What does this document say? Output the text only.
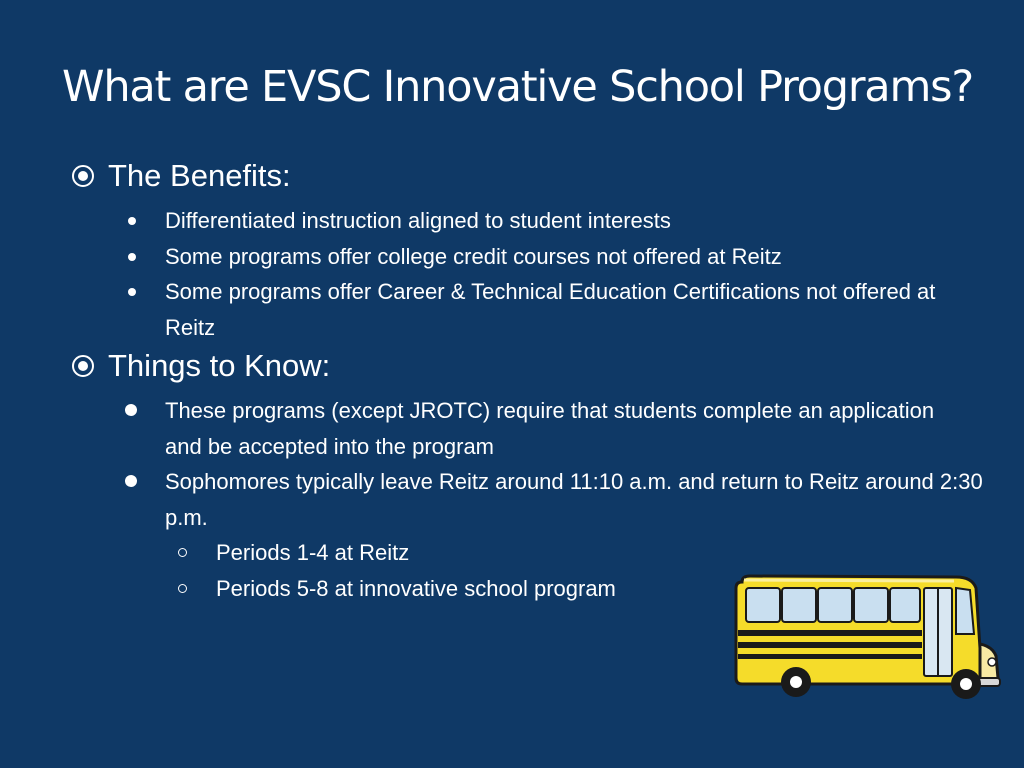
What are EVSC Innovative School Programs?
The Benefits:
Differentiated instruction aligned to student interests
Some programs offer college credit courses not offered at Reitz
Some programs offer Career & Technical Education Certifications not offered at Reitz
Things to Know:
These programs (except JROTC) require that students complete an application and be accepted into the program
Sophomores typically leave Reitz around 11:10 a.m. and return to Reitz around 2:30 p.m.
Periods 1-4 at Reitz
Periods 5-8 at innovative school program
